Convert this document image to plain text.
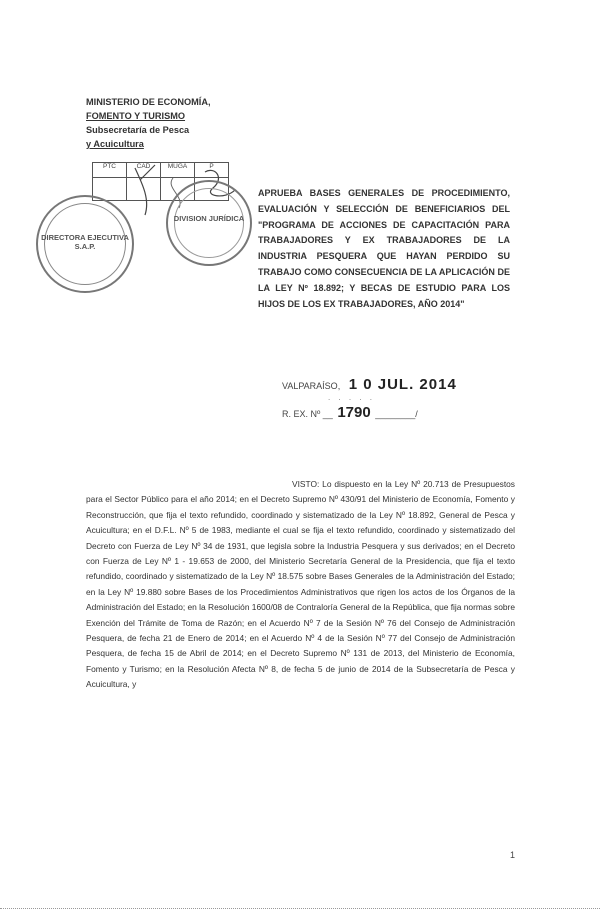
MINISTERIO DE ECONOMÍA,
FOMENTO Y TURISMO
Subsecretaría de Pesca
y Acuicultura
PTC	CAD	MUGA	P

DIRECTORA EJECUTIVA
S.A.P.
DIVISION JURÍDICA
APRUEBA BASES GENERALES DE PROCEDIMIENTO, EVALUACIÓN Y SELECCIÓN DE BENEFICIARIOS DEL "PROGRAMA DE ACCIONES DE CAPACITACIÓN PARA TRABAJADORES Y EX TRABAJADORES DE LA INDUSTRIA PESQUERA QUE HAYAN PERDIDO SU TRABAJO COMO CONSECUENCIA DE LA APLICACIÓN DE LA LEY Nº 18.892; Y BECAS DE ESTUDIO PARA LOS HIJOS DE LOS EX TRABAJADORES, AÑO 2014"
VALPARAÍSO, 1 0 JUL. 2014
. . . . .
R. EX. Nº __ 1790 ________/
VISTO: Lo dispuesto en la Ley Nº 20.713 de Presupuestos para el Sector Público para el año 2014; en el Decreto Supremo Nº 430/91 del Ministerio de Economía, Fomento y Reconstrucción, que fija el texto refundido, coordinado y sistematizado de la Ley Nº 18.892, General de Pesca y Acuicultura; en el D.F.L. Nº 5 de 1983, mediante el cual se fija el texto refundido, coordinado y sistematizado del Decreto con Fuerza de Ley Nº 34 de 1931, que legisla sobre la Industria Pesquera y sus derivados; en el Decreto con Fuerza de Ley Nº 1 - 19.653 de 2000, del Ministerio Secretaría General de la Presidencia, que fija el texto refundido, coordinado y sistematizado de la Ley Nº 18.575 sobre Bases Generales de la Administración del Estado; en la Ley Nº 19.880 sobre Bases de los Procedimientos Administrativos que rigen los actos de los Órganos de la Administración del Estado; en la Resolución 1600/08 de Contraloría General de la República, que fija normas sobre Exención del Trámite de Toma de Razón; en el Acuerdo Nº 7 de la Sesión Nº 76 del Consejo de Administración Pesquera, de fecha 21 de Enero de 2014; en el Acuerdo Nº 4 de la Sesión Nº 77 del Consejo de Administración Pesquera, de fecha 15 de Abril de 2014; en el Decreto Supremo Nº 131 de 2013, del Ministerio de Economía, Fomento y Turismo; en la Resolución Afecta Nº 8, de fecha 5 de junio de 2014 de la Subsecretaría de Pesca y Acuicultura, y
1
